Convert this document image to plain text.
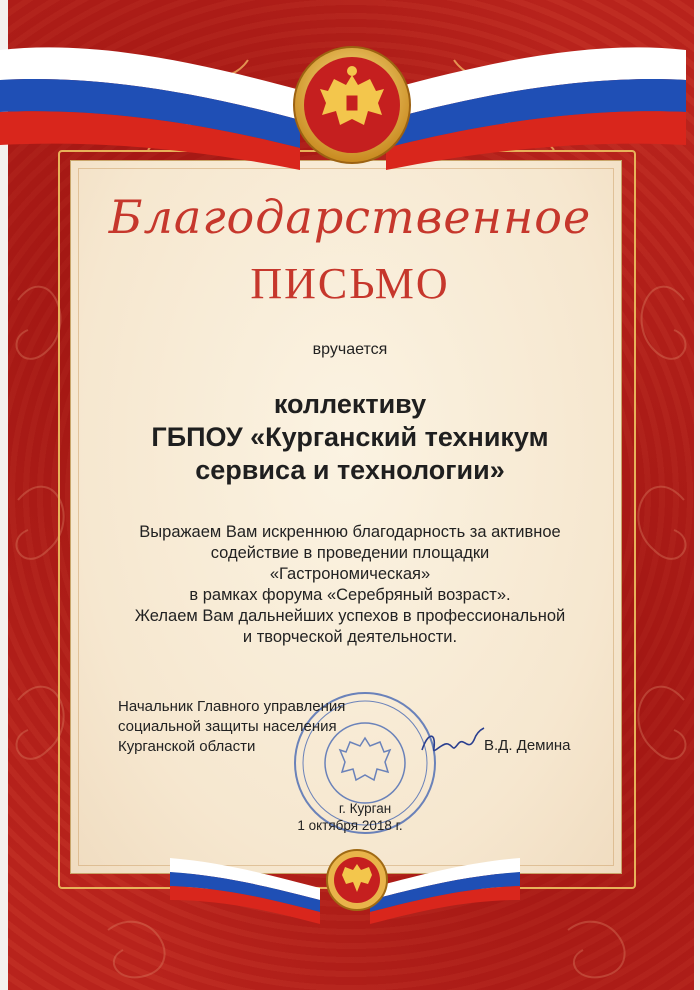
Благодарственное
ПИСЬМО
вручается

коллективу

ГБПОУ «Курганский техникум

сервиса и технологии»

Выражаем Вам искреннюю благодарность за активное

содействие в проведении площадки

«Гастрономическая»

в рамках форума «Серебряный возраст».

Желаем Вам дальнейших успехов в профессиональной

и творческой деятельности.

Начальник Главного управления

социальной защиты населения

Курганской области	В.Д. Демина

г. Курган

1 октября 2018 г.
